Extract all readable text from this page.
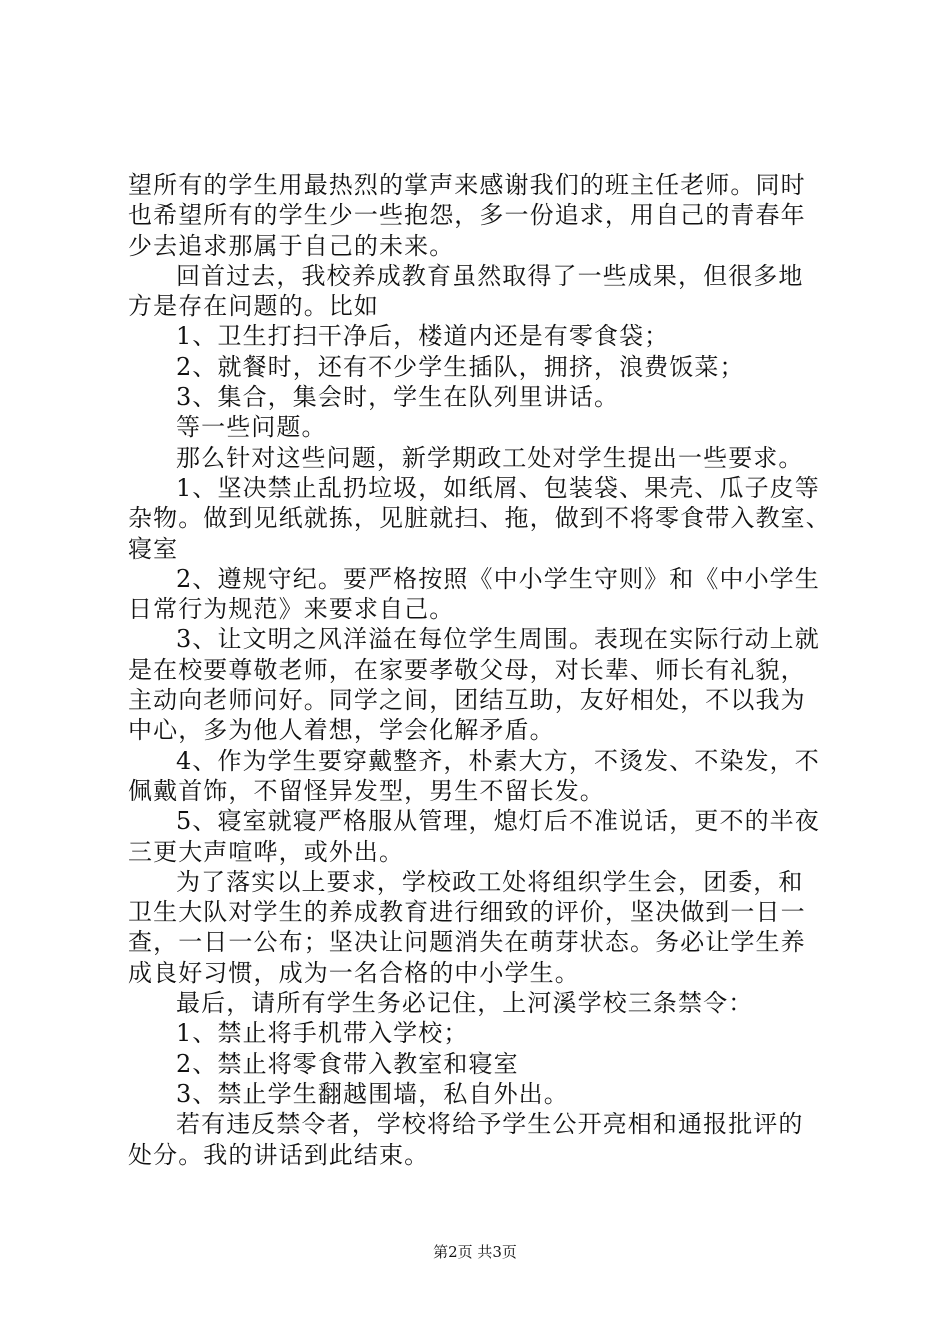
望所有的学生用最热烈的掌声来感谢我们的班主任老师。同时
也希望所有的学生少一些抱怨，多一份追求，用自己的青春年
少去追求那属于自己的未来。
回首过去，我校养成教育虽然取得了一些成果，但很多地
方是存在问题的。比如
1、卫生打扫干净后，楼道内还是有零食袋；
2、就餐时，还有不少学生插队，拥挤，浪费饭菜；
3、集合，集会时，学生在队列里讲话。
等一些问题。
那么针对这些问题，新学期政工处对学生提出一些要求。
1、坚决禁止乱扔垃圾，如纸屑、包装袋、果壳、瓜子皮等
杂物。做到见纸就拣，见脏就扫、拖，做到不将零食带入教室、
寝室
2、遵规守纪。要严格按照《中小学生守则》和《中小学生
日常行为规范》来要求自己。
3、让文明之风洋溢在每位学生周围。表现在实际行动上就
是在校要尊敬老师，在家要孝敬父母，对长辈、师长有礼貌，
主动向老师问好。同学之间，团结互助，友好相处，不以我为
中心，多为他人着想，学会化解矛盾。
4、作为学生要穿戴整齐，朴素大方，不烫发、不染发，不
佩戴首饰，不留怪异发型，男生不留长发。
5、寝室就寝严格服从管理，熄灯后不准说话，更不的半夜
三更大声喧哗，或外出。
为了落实以上要求，学校政工处将组织学生会，团委，和
卫生大队对学生的养成教育进行细致的评价，坚决做到一日一
查，一日一公布；坚决让问题消失在萌芽状态。务必让学生养
成良好习惯，成为一名合格的中小学生。
最后，请所有学生务必记住，上河溪学校三条禁令：
1、禁止将手机带入学校；
2、禁止将零食带入教室和寝室
3、禁止学生翻越围墙，私自外出。
若有违反禁令者，学校将给予学生公开亮相和通报批评的
处分。我的讲话到此结束。
第2页 共3页
